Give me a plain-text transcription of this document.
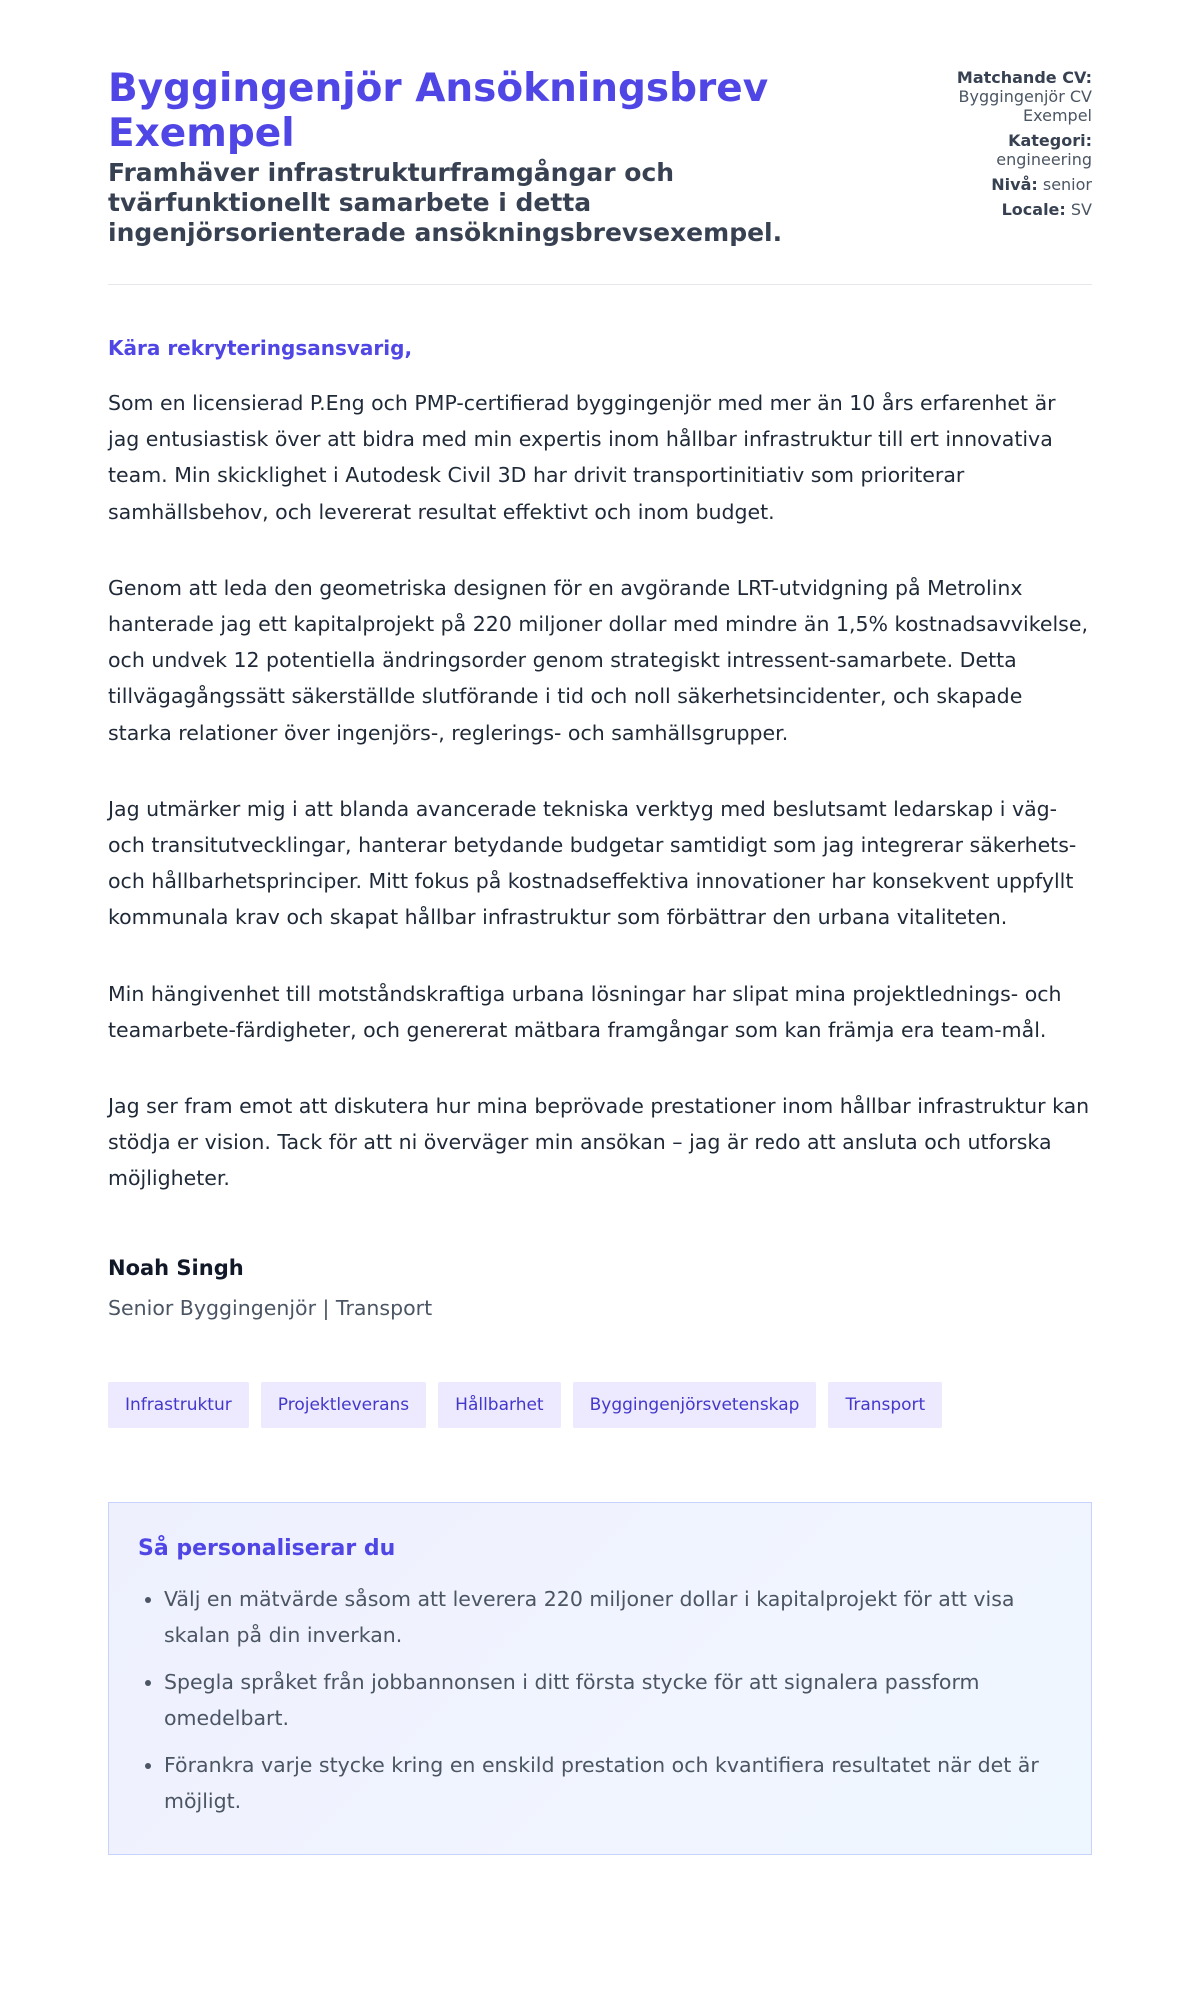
Byggingenjör Ansökningsbrev Exempel
Framhäver infrastrukturframgångar och tvärfunktionellt samarbete i detta ingenjörsorienterade ansökningsbrevsexempel.
Matchande CV:
Byggingenjör CV Exempel
Kategori:
engineering
Nivå: senior
Locale: SV

Kära rekryteringsansvarig,

Som en licensierad P.Eng och PMP-certifierad byggingenjör med mer än 10 års erfarenhet är jag entusiastisk över att bidra med min expertis inom hållbar infrastruktur till ert innovativa team. Min skicklighet i Autodesk Civil 3D har drivit transportinitiativ som prioriterar samhällsbehov, och levererat resultat effektivt och inom budget.

Genom att leda den geometriska designen för en avgörande LRT-utvidgning på Metrolinx hanterade jag ett kapitalprojekt på 220 miljoner dollar med mindre än 1,5% kostnadsavvikelse, och undvek 12 potentiella ändringsorder genom strategiskt intressent-samarbete. Detta tillvägagångssätt säkerställde slutförande i tid och noll säkerhetsincidenter, och skapade starka relationer över ingenjörs-, reglerings- och samhällsgrupper.

Jag utmärker mig i att blanda avancerade tekniska verktyg med beslutsamt ledarskap i väg- och transitutvecklingar, hanterar betydande budgetar samtidigt som jag integrerar säkerhets- och hållbarhetsprinciper. Mitt fokus på kostnadseffektiva innovationer har konsekvent uppfyllt kommunala krav och skapat hållbar infrastruktur som förbättrar den urbana vitaliteten.

Min hängivenhet till motståndskraftiga urbana lösningar har slipat mina projektlednings- och teamarbete-färdigheter, och genererat mätbara framgångar som kan främja era team-mål.

Jag ser fram emot att diskutera hur mina beprövade prestationer inom hållbar infrastruktur kan stödja er vision. Tack för att ni överväger min ansökan – jag är redo att ansluta och utforska möjligheter.

Noah Singh
Senior Byggingenjör | Transport
Infrastruktur	Projektleverans	Hållbarhet	Byggingenjörsvetenskap	Transport
Så personaliserar du
• Välj en mätvärde såsom att leverera 220 miljoner dollar i kapitalprojekt för att visa skalan på din inverkan.
• Spegla språket från jobbannonsen i ditt första stycke för att signalera passform omedelbart.
• Förankra varje stycke kring en enskild prestation och kvantifiera resultatet när det är möjligt.
